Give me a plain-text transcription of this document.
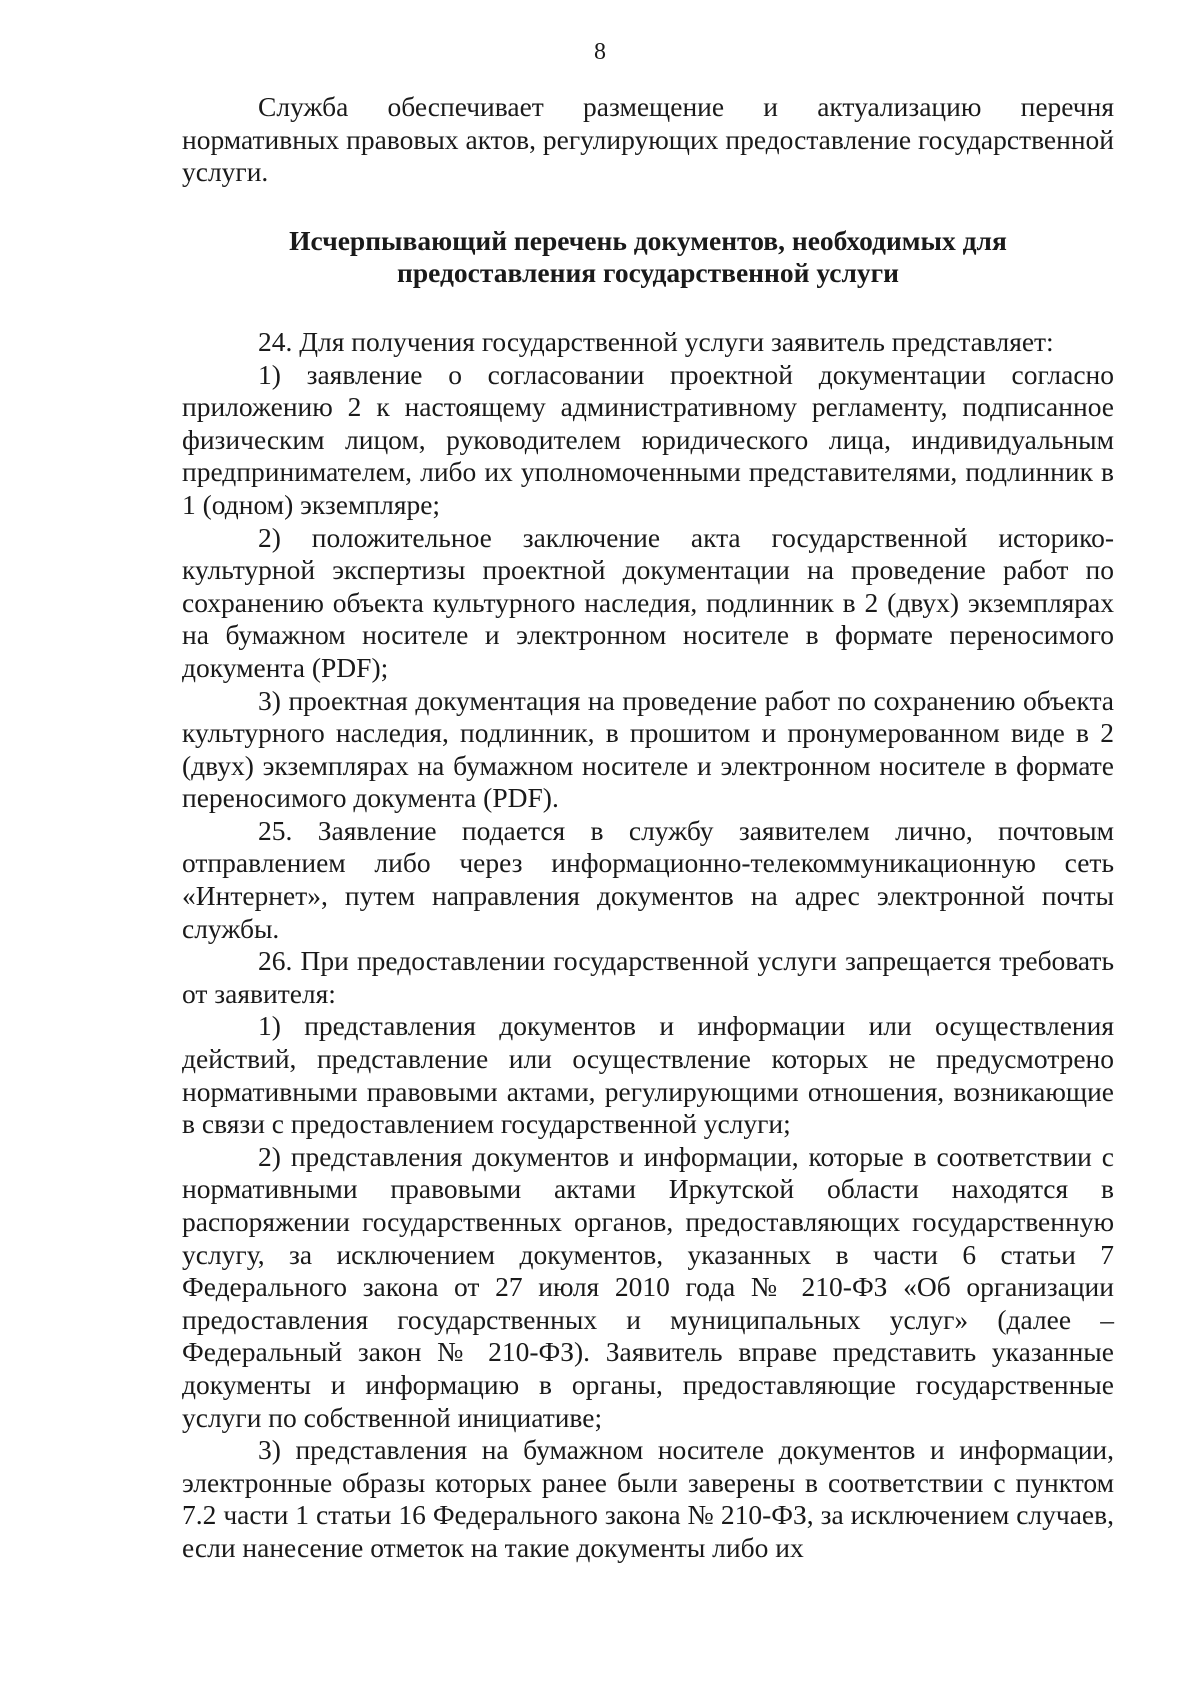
8

Служба обеспечивает размещение и актуализацию перечня нормативных правовых актов, регулирующих предоставление государственной услуги.

Исчерпывающий перечень документов, необходимых для
предоставления государственной услуги

24. Для получения государственной услуги заявитель представляет:

1) заявление о согласовании проектной документации согласно приложению 2 к настоящему административному регламенту, подписанное физическим лицом, руководителем юридического лица, индивидуальным предпринимателем, либо их уполномоченными представителями, подлинник в 1 (одном) экземпляре;

2) положительное заключение акта государственной историко-культурной экспертизы проектной документации на проведение работ по сохранению объекта культурного наследия, подлинник в 2 (двух) экземплярах на бумажном носителе и электронном носителе в формате переносимого документа (PDF);

3) проектная документация на проведение работ по сохранению объекта культурного наследия, подлинник, в прошитом и пронумерованном виде в 2 (двух) экземплярах на бумажном носителе и электронном носителе в формате переносимого документа (PDF).

25. Заявление подается в службу заявителем лично, почтовым отправлением либо через информационно-телекоммуникационную сеть «Интернет», путем направления документов на адрес электронной почты службы.

26. При предоставлении государственной услуги запрещается требовать от заявителя:

1) представления документов и информации или осуществления действий, представление или осуществление которых не предусмотрено нормативными правовыми актами, регулирующими отношения, возникающие в связи с предоставлением государственной услуги;

2) представления документов и информации, которые в соответствии с нормативными правовыми актами Иркутской области находятся в распоряжении государственных органов, предоставляющих государственную услугу, за исключением документов, указанных в части 6 статьи 7 Федерального закона от 27 июля 2010 года № 210-ФЗ «Об организации предоставления государственных и муниципальных услуг» (далее – Федеральный закон № 210-ФЗ). Заявитель вправе представить указанные документы и информацию в органы, предоставляющие государственные услуги по собственной инициативе;

3) представления на бумажном носителе документов и информации, электронные образы которых ранее были заверены в соответствии с пунктом 7.2 части 1 статьи 16 Федерального закона № 210-ФЗ, за исключением случаев, если нанесение отметок на такие документы либо их
